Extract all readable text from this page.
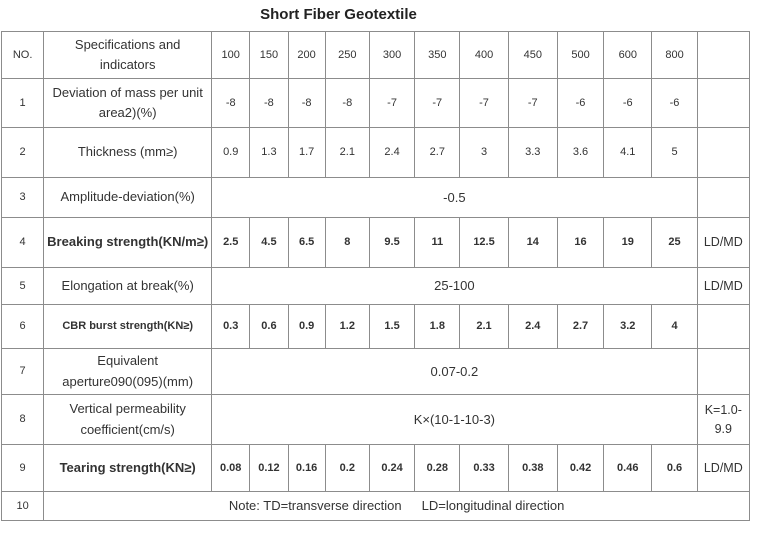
Short Fiber Geotextile
NO.	Specifications and indicators	100	150	200	250	300	350	400	450	500	600	800	
1	Deviation of mass per unit area2)(%)	-8	-8	-8	-8	-7	-7	-7	-7	-6	-6	-6	
2	Thickness (mm≥)	0.9	1.3	1.7	2.1	2.4	2.7	3	3.3	3.6	4.1	5	
3	Amplitude-deviation(%)	-0.5											
4	Breaking strength(KN/m≥)	2.5	4.5	6.5	8	9.5	11	12.5	14	16	19	25	LD/MD
5	Elongation at break(%)	25-100											LD/MD
6	CBR burst strength(KN≥)	0.3	0.6	0.9	1.2	1.5	1.8	2.1	2.4	2.7	3.2	4	
7	Equivalent aperture090(095)(mm)	0.07-0.2											
8	Vertical permeability coefficient(cm/s)	K×(10-1-10-3)											K=1.0-9.9
9	Tearing strength(KN≥)	0.08	0.12	0.16	0.2	0.24	0.28	0.33	0.38	0.42	0.46	0.6	LD/MD
10	Note: TD=transverse direction LD=longitudinal direction												
